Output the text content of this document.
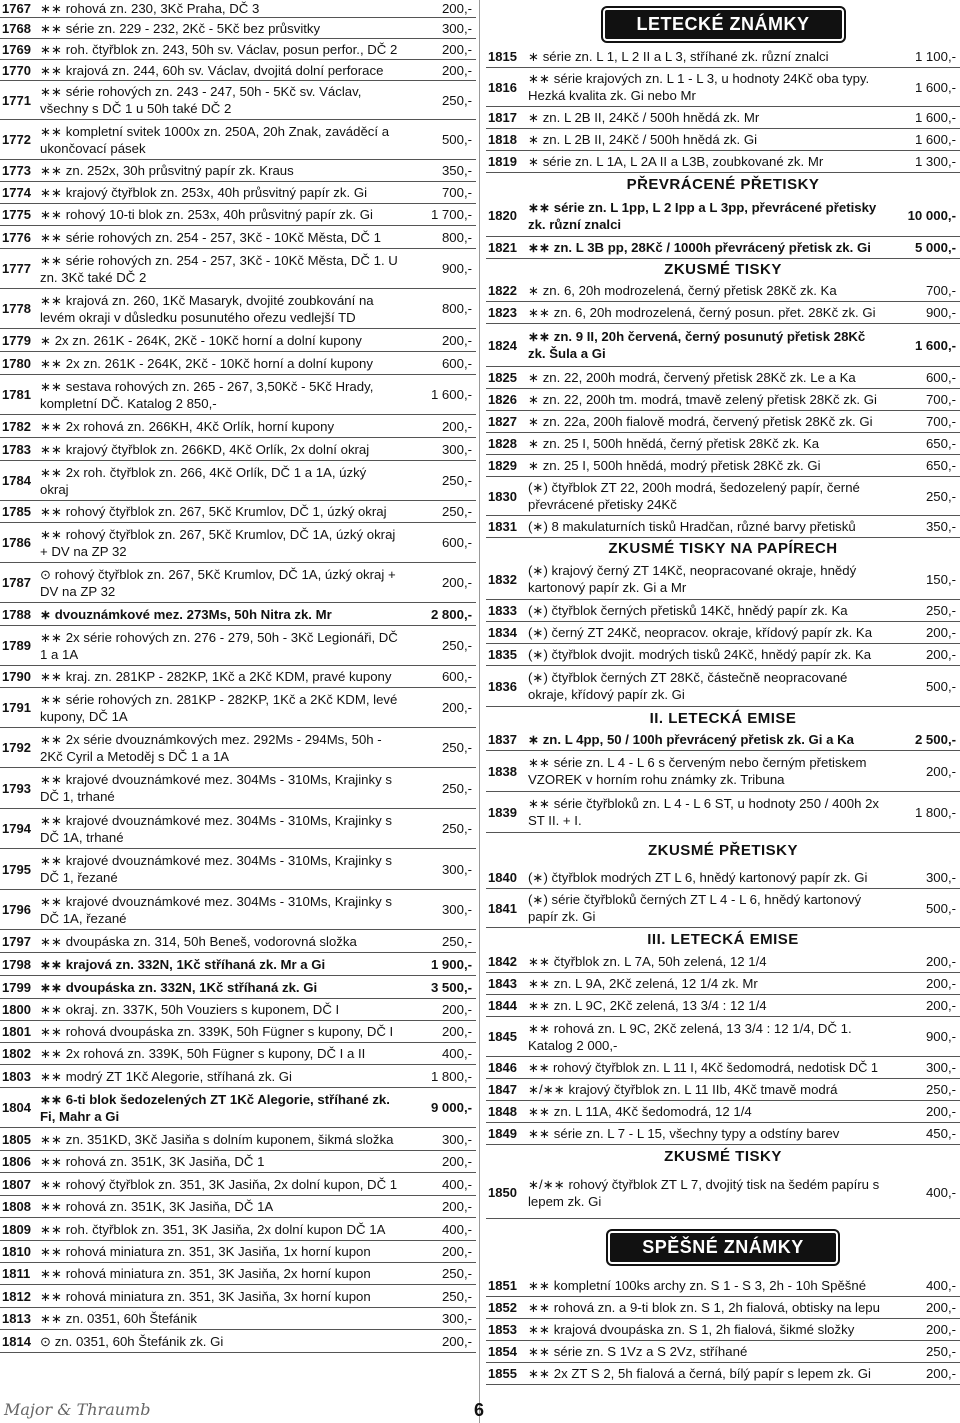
1767 ∗∗ rohová zn. 230, 3Kč Praha, DČ 3	200,-
1768 ∗∗ série zn. 229 - 232, 2Kč - 5Kč bez průsvitky	300,-
1769 ∗∗ roh. čtyřblok zn. 243, 50h sv. Václav, posun perfor., DČ 2	200,-
1770 ∗∗ krajová zn. 244, 60h sv. Václav, dvojitá dolní perforace	200,-
1771
∗∗ série rohových zn. 243 - 247, 50h - 5Kč sv. Václav, všechny s DČ 1 u 50h také DČ 2
250,-
1772
∗∗ kompletní svitek 1000x zn. 250A, 20h Znak, zaváděcí a ukončovací pásek
500,-
1773 ∗∗ zn. 252x, 30h průsvitný papír zk. Kraus	350,-
1774 ∗∗ krajový čtyřblok zn. 253x, 40h průsvitný papír zk. Gi	700,-
1775 ∗∗ rohový 10-ti blok zn. 253x, 40h průsvitný papír zk. Gi	1 700,-
1776 ∗∗ série rohových zn. 254 - 257, 3Kč - 10Kč Města, DČ 1	800,-
1777
∗∗ série rohových zn. 254 - 257, 3Kč - 10Kč Města, DČ 1. U zn. 3Kč také DČ 2
900,-
1778
∗∗ krajová zn. 260, 1Kč Masaryk, dvojité zoubkování na levém okraji v důsledku posunutého ořezu vedlejší TD
800,-
1779 ∗ 2x zn. 261K - 264K, 2Kč - 10Kč horní a dolní kupony	200,-
1780 ∗∗ 2x zn. 261K - 264K, 2Kč - 10Kč horní a dolní kupony	600,-
1781
∗∗ sestava rohových zn. 265 - 267, 3,50Kč - 5Kč Hrady, kompletní DČ. Katalog 2 850,-
1 600,-
1782 ∗∗ 2x rohová zn. 266KH, 4Kč Orlík, horní kupony	200,-
1783 ∗∗ krajový čtyřblok zn. 266KD, 4Kč Orlík, 2x dolní okraj	300,-
1784
∗∗ 2x roh. čtyřblok zn. 266, 4Kč Orlík, DČ 1 a 1A, úzký okraj
250,-
1785 ∗∗ rohový čtyřblok zn. 267, 5Kč Krumlov, DČ 1, úzký okraj	250,-
1786
∗∗ rohový čtyřblok zn. 267, 5Kč Krumlov, DČ 1A, úzký okraj + DV na ZP 32
600,-
1787
⊙ rohový čtyřblok zn. 267, 5Kč Krumlov, DČ 1A, úzký okraj + DV na ZP 32
200,-
1788 ∗ dvouznámkové mez. 273Ms, 50h Nitra zk. Mr	2 800,-
1789
∗∗ 2x série rohových zn. 276 - 279, 50h - 3Kč Legionáři, DČ 1 a 1A
250,-
1790 ∗∗ kraj. zn. 281KP - 282KP, 1Kč a 2Kč KDM, pravé kupony	600,-
1791
∗∗ série rohových zn. 281KP - 282KP, 1Kč a 2Kč KDM, levé kupony, DČ 1A
200,-
1792
∗∗ 2x série dvouznámkových mez. 292Ms - 294Ms, 50h - 2Kč Cyril a Metoděj s DČ 1 a 1A
250,-
1793
∗∗ krajové dvouznámkové mez. 304Ms - 310Ms, Krajinky s DČ 1, trhané
250,-
1794
∗∗ krajové dvouznámkové mez. 304Ms - 310Ms, Krajinky s DČ 1A, trhané
250,-
1795
∗∗ krajové dvouznámkové mez. 304Ms - 310Ms, Krajinky s DČ 1, řezané
300,-
1796
∗∗ krajové dvouznámkové mez. 304Ms - 310Ms, Krajinky s DČ 1A, řezané
300,-
1797 ∗∗ dvoupáska zn. 314, 50h Beneš, vodorovná složka	250,-
1798 ∗∗ krajová zn. 332N, 1Kč stříhaná zk. Mr a Gi	1 900,-
1799 ∗∗ dvoupáska zn. 332N, 1Kč stříhaná zk. Gi	3 500,-
1800 ∗∗ okraj. zn. 337K, 50h Vouziers s kuponem, DČ I	200,-
1801 ∗∗ rohová dvoupáska zn. 339K, 50h Fügner s kupony, DČ I	200,-
1802 ∗∗ 2x rohová zn. 339K, 50h Fügner s kupony, DČ I a II	400,-
1803 ∗∗ modrý ZT 1Kč Alegorie, stříhaná zk. Gi	1 800,-
1804
∗∗ 6-ti blok šedozelených ZT 1Kč Alegorie, stříhané zk. Fi, Mahr a Gi
9 000,-
1805 ∗∗ zn. 351KD, 3Kč Jasiňa s dolním kuponem, šikmá složka	300,-
1806 ∗∗ rohová zn. 351K, 3K Jasiňa, DČ 1	200,-
1807 ∗∗ rohový čtyřblok zn. 351, 3K Jasiňa, 2x dolní kupon, DČ 1	400,-
1808 ∗∗ rohová zn. 351K, 3K Jasiňa, DČ 1A	200,-
1809 ∗∗ roh. čtyřblok zn. 351, 3K Jasiňa, 2x dolní kupon DČ 1A	400,-
1810 ∗∗ rohová miniatura zn. 351, 3K Jasiňa, 1x horní kupon	200,-
1811 ∗∗ rohová miniatura zn. 351, 3K Jasiňa, 2x horní kupon	250,-
1812 ∗∗ rohová miniatura zn. 351, 3K Jasiňa, 3x horní kupon	250,-
1813 ∗∗ zn. 0351, 60h Štefánik	300,-
1814 ⊙ zn. 0351, 60h Štefánik zk. Gi	200,-
LETECKÉ ZNÁMKY
1815 ∗ série zn. L 1, L 2 II a L 3, stříhané zk. různí znalci	1 100,-
1816
∗∗ série krajových zn. L 1 - L 3, u hodnoty 24Kč oba typy. Hezká kvalita zk. Gi nebo Mr
1 600,-
1817 ∗ zn. L 2B II, 24Kč / 500h hnědá zk. Mr	1 600,-
1818 ∗ zn. L 2B II, 24Kč / 500h hnědá zk. Gi	1 600,-
1819 ∗ série zn. L 1A, L 2A II a L3B, zoubkované zk. Mr	1 300,-
PŘEVRÁCENÉ PŘETISKY
1820
∗∗ série zn. L 1pp, L 2 Ipp a L 3pp, převrácené přetisky zk. různí znalci
10 000,-
1821 ∗∗ zn. L 3B pp, 28Kč / 1000h převrácený přetisk zk. Gi	5 000,-
ZKUSMÉ TISKY
1822 ∗ zn. 6, 20h modrozelená, černý přetisk 28Kč zk. Ka	700,-
1823 ∗∗ zn. 6, 20h modrozelená, černý posun. přet. 28Kč zk. Gi	900,-
1824
∗∗ zn. 9 II, 20h červená, černý posunutý přetisk 28Kč zk. Šula a Gi
1 600,-
1825 ∗ zn. 22, 200h modrá, červený přetisk 28Kč zk. Le a Ka	600,-
1826 ∗ zn. 22, 200h tm. modrá, tmavě zelený přetisk 28Kč zk. Gi	700,-
1827 ∗ zn. 22a, 200h fialově modrá, červený přetisk 28Kč zk. Gi	700,-
1828 ∗ zn. 25 I, 500h hnědá, černý přetisk 28Kč zk. Ka	650,-
1829 ∗ zn. 25 I, 500h hnědá, modrý přetisk 28Kč zk. Gi	650,-
1830
(∗) čtyřblok ZT 22, 200h modrá, šedozelený papír, černé převrácené přetisky 24Kč
250,-
1831 (∗) 8 makulaturních tisků Hradčan, různé barvy přetisků	350,-
ZKUSMÉ TISKY NA PAPÍRECH
1832
(∗) krajový černý ZT 14Kč, neopracované okraje, hnědý kartonový papír zk. Gi a Mr
150,-
1833 (∗) čtyřblok černých přetisků 14Kč, hnědý papír zk. Ka	250,-
1834 (∗) černý ZT 24Kč, neopracov. okraje, křídový papír zk. Ka	200,-
1835 (∗) čtyřblok dvojit. modrých tisků 24Kč, hnědý papír zk. Ka	200,-
1836
(∗) čtyřblok černých ZT 28Kč, částečně neopracované okraje, křídový papír zk. Gi
500,-
II. LETECKÁ EMISE
1837 ∗ zn. L 4pp, 50 / 100h převrácený přetisk zk. Gi a Ka	2 500,-
1838
∗∗ série zn. L 4 - L 6 s červeným nebo černým přetiskem VZOREK v horním rohu známky zk. Tribuna
200,-
1839
∗∗ série čtyřbloků zn. L 4 - L 6 ST, u hodnoty 250 / 400h 2x ST II. + I.
1 800,-
ZKUSMÉ PŘETISKY
1840 (∗) čtyřblok modrých ZT L 6, hnědý kartonový papír zk. Gi	300,-
1841
(∗) série čtyřbloků černých ZT L 4 - L 6, hnědý kartonový papír zk. Gi
500,-
III. LETECKÁ EMISE
1842 ∗∗ čtyřblok zn. L 7A, 50h zelená, 12 1/4	200,-
1843 ∗∗ zn. L 9A, 2Kč zelená, 12 1/4 zk. Mr	200,-
1844 ∗∗ zn. L 9C, 2Kč zelená, 13 3/4 : 12 1/4	200,-
1845
∗∗ rohová zn. L 9C, 2Kč zelená, 13 3/4 : 12 1/4, DČ 1. Katalog 2 000,-
900,-
1846 ∗∗ rohový čtyřblok zn. L 11 I, 4Kč šedomodrá, nedotisk DČ 1	300,-
1847 ∗/∗∗ krajový čtyřblok zn. L 11 IIb, 4Kč tmavě modrá	250,-
1848 ∗∗ zn. L 11A, 4Kč šedomodrá, 12 1/4	200,-
1849 ∗∗ série zn. L 7 - L 15, všechny typy a odstíny barev	450,-
ZKUSMÉ TISKY
1850
∗/∗∗ rohový čtyřblok ZT L 7, dvojitý tisk na šedém papíru s lepem zk. Gi
400,-
SPĚŠNÉ ZNÁMKY
1851 ∗∗ kompletní 100ks archy zn. S 1 - S 3, 2h - 10h Spěšné	400,-
1852 ∗∗ rohová zn. a 9-ti blok zn. S 1, 2h fialová, obtisky na lepu	200,-
1853 ∗∗ krajová dvoupáska zn. S 1, 2h fialová, šikmé složky	200,-
1854 ∗∗ série zn. S 1Vz a S 2Vz, stříhané	250,-
1855 ∗∗ 2x ZT S 2, 5h fialová a černá, bílý papír s lepem zk. Gi	200,-
Major & Thraumb	6
